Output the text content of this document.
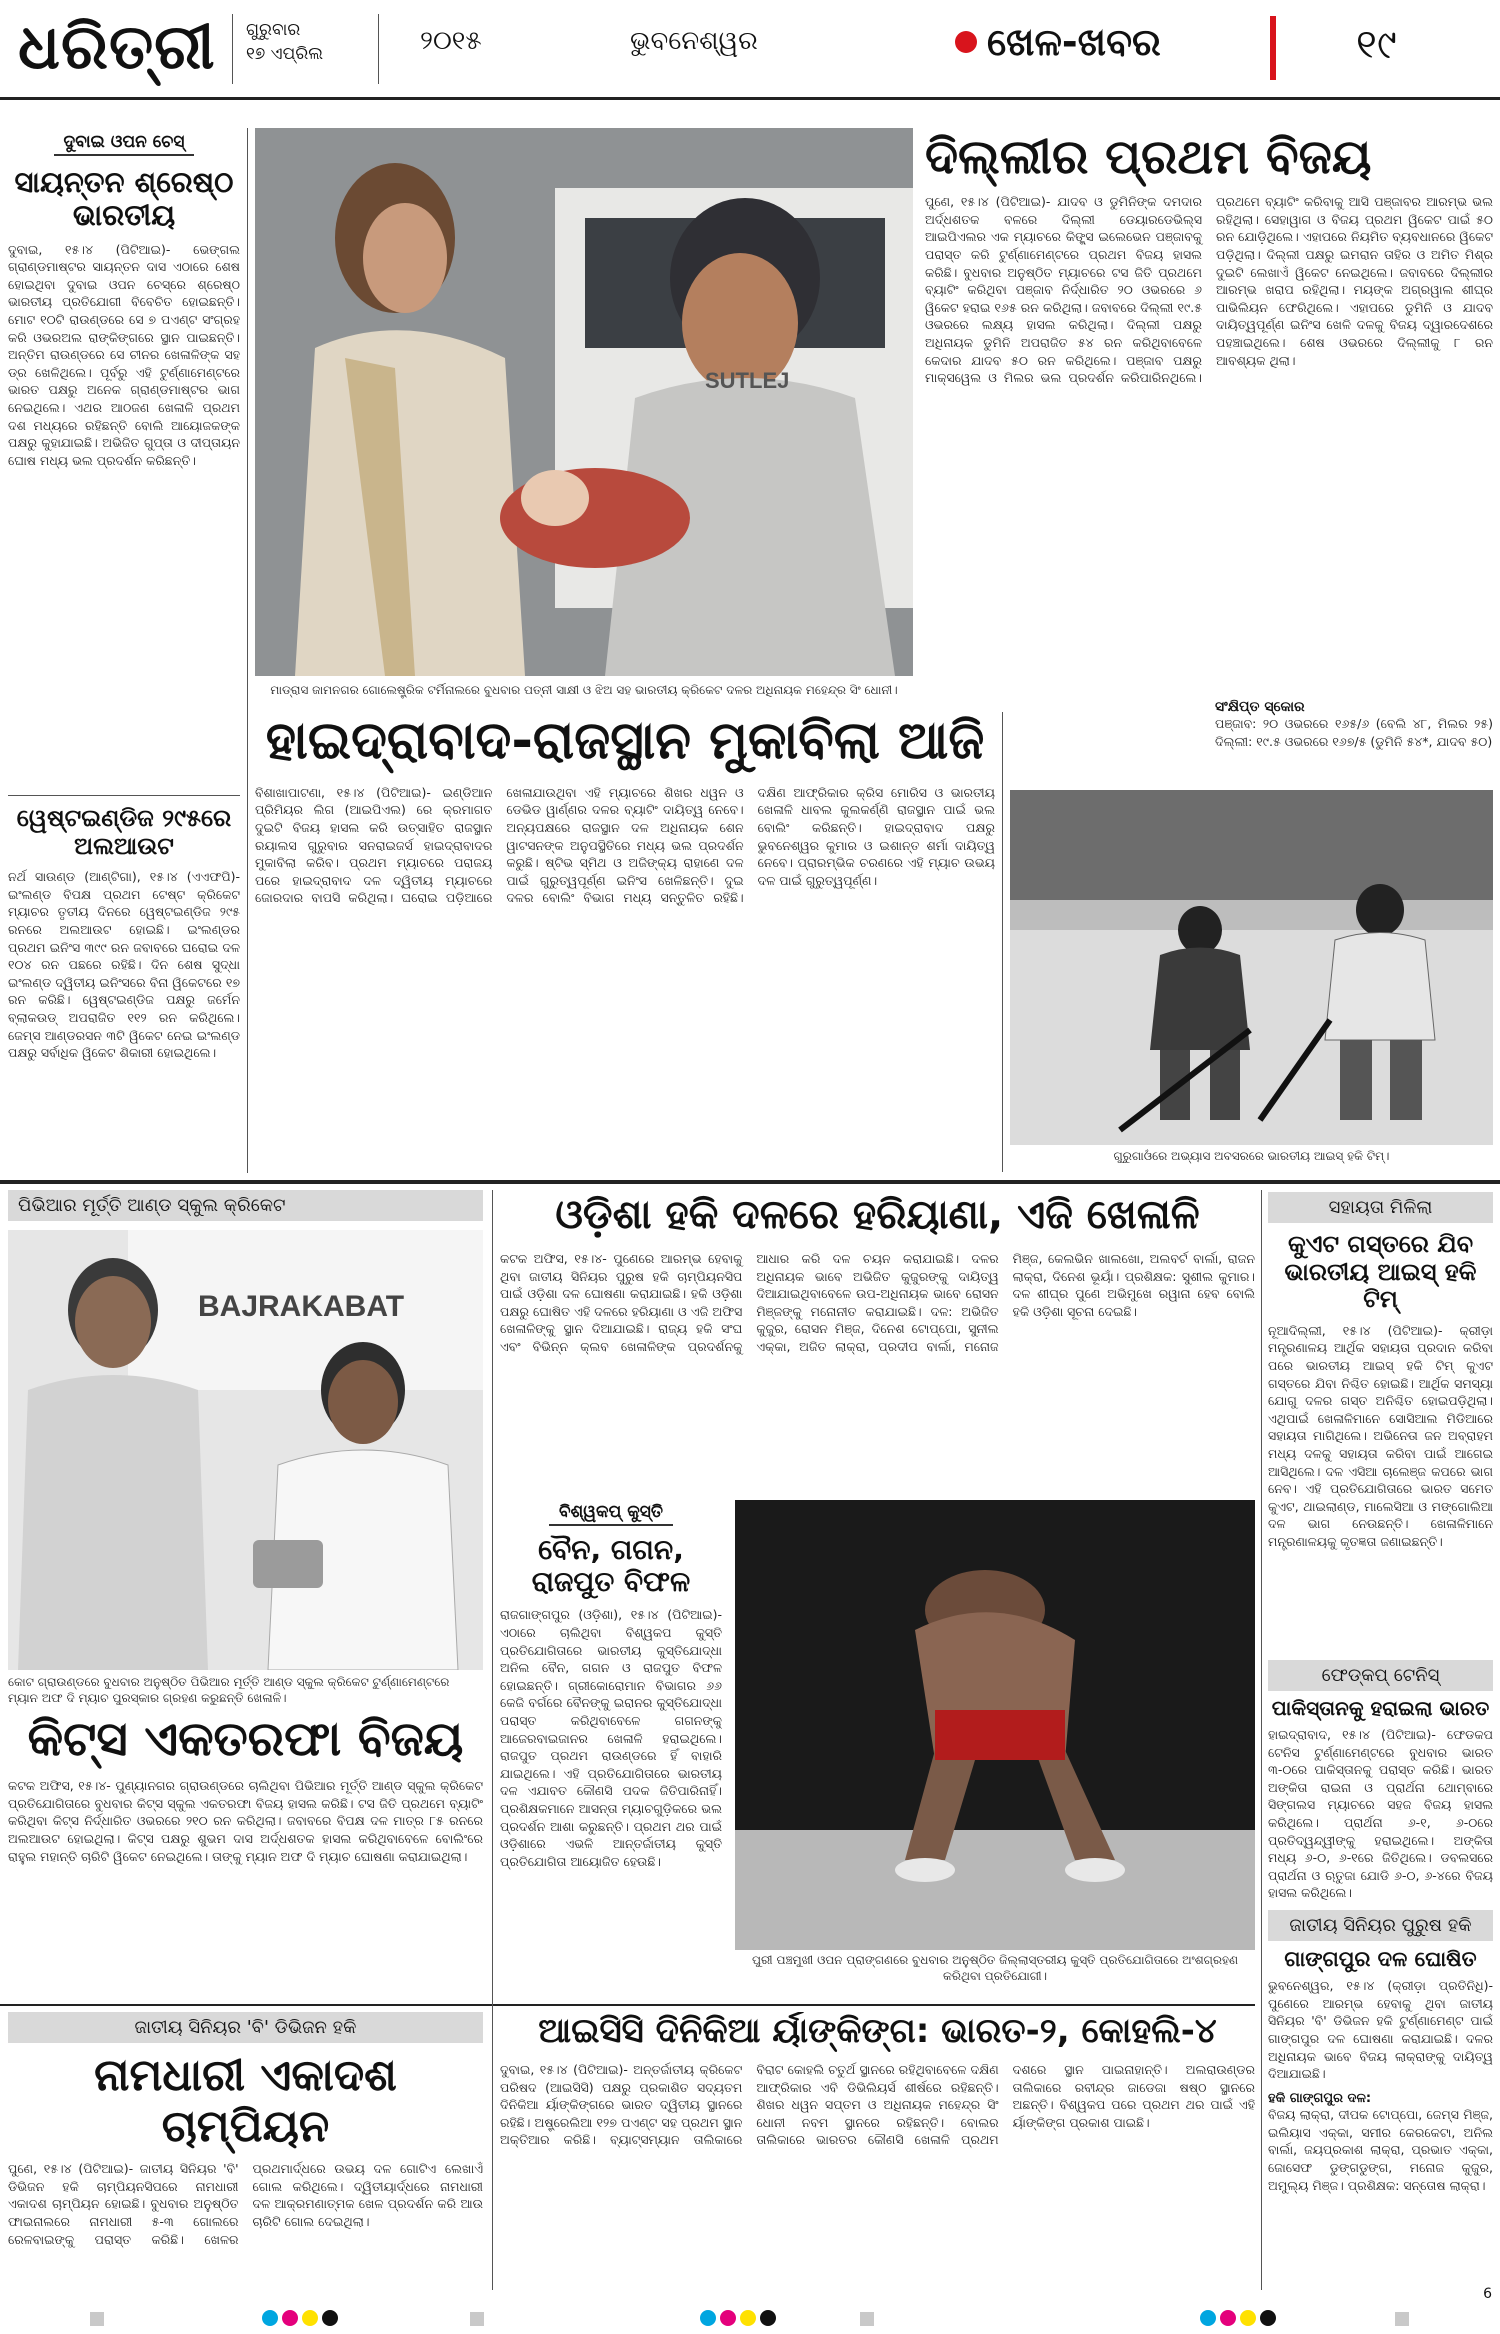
ଧରିତ୍ରୀ ଗୁରୁବାର
୧୭ ଏପ୍ରିଲ	୨୦୧୫	ଭୁବନେଶ୍ୱର	ଖେଳ-ଖବର	୧୯
ଦୁବାଇ ଓପନ ଚେସ୍
ସାୟନ୍ତନ ଶ୍ରେଷ୍ଠ ଭାରତୀୟ
ଦୁବାଇ, ୧୫।୪ (ପିଟିଆଇ)- ଭେଙ୍ଗଲ ଗ୍ରାଣ୍ଡମାଷ୍ଟର ସାୟନ୍ତନ ଦାସ ଏଠାରେ ଶେଷ ହୋଇଥିବା ଦୁବାଇ ଓପନ ଚେସ୍ରେ ଶ୍ରେଷ୍ଠ ଭାରତୀୟ ପ୍ରତିଯୋଗୀ ବିବେଚିତ ହୋଇଛନ୍ତି। ମୋଟ ୧୦ଟି ରାଉଣ୍ଡରେ ସେ ୭ ପଏଣ୍ଟ ସଂଗ୍ରହ କରି ଓଭରଅଲ ରାଙ୍କିଙ୍ଗରେ ସ୍ଥାନ ପାଇଛନ୍ତି। ଅନ୍ତିମ ରାଉଣ୍ଡରେ ସେ ଚୀନର ଖେଳାଳିଙ୍କ ସହ ଡ୍ର ଖେଳିଥିଲେ। ପୂର୍ବରୁ ଏହି ଟୁର୍ଣ୍ଣାମେଣ୍ଟରେ ଭାରତ ପକ୍ଷରୁ ଅନେକ ଗ୍ରାଣ୍ଡମାଷ୍ଟର ଭାଗ ନେଇଥିଲେ। ଏଥର ଆଠଜଣ ଖେଳାଳି ପ୍ରଥମ ଦଶ ମଧ୍ୟରେ ରହିଛନ୍ତି ବୋଲି ଆୟୋଜକଙ୍କ ପକ୍ଷରୁ କୁହାଯାଇଛି। ଅଭିଜିତ ଗୁପ୍ତା ଓ ଦୀପ୍ତାୟନ ଘୋଷ ମଧ୍ୟ ଭଲ ପ୍ରଦର୍ଶନ କରିଛନ୍ତି।
SUTLEJ
ମାଡ୍ରାସ ଜାମନଗର ଗୋଲେଷ୍ଟ୍ରିକ ଟର୍ମିନାଲରେ ବୁଧବାର ପତ୍ନୀ ସାକ୍ଷୀ ଓ ଝିଅ ସହ ଭାରତୀୟ କ୍ରିକେଟ ଦଳର ଅଧିନାୟକ ମହେନ୍ଦ୍ର ସିଂ ଧୋନୀ।
ଦିଲ୍ଲୀର ପ୍ରଥମ ବିଜୟ
ପୁଣେ, ୧୫।୪ (ପିଟିଆଇ)- ଯାଦବ ଓ ଡୁମିନିଙ୍କ ଦମଦାର ଅର୍ଦ୍ଧଶତକ ବଳରେ ଦିଲ୍ଲୀ ଡେୟାରଡେଭିଲ୍ସ ଆଇପିଏଲର ଏକ ମ୍ୟାଚରେ କିଙ୍ଗ୍ସ ଇଲେଭେନ ପଞ୍ଜାବକୁ ପରାସ୍ତ କରି ଟୁର୍ଣ୍ଣାମେଣ୍ଟରେ ପ୍ରଥମ ବିଜୟ ହାସଲ କରିଛି। ବୁଧବାର ଅନୁଷ୍ଠିତ ମ୍ୟାଚରେ ଟସ ଜିତି ପ୍ରଥମେ ବ୍ୟାଟିଂ କରିଥିବା ପଞ୍ଜାବ ନିର୍ଦ୍ଧାରିତ ୨୦ ଓଭରରେ ୬ ୱିକେଟ ହରାଇ ୧୬୫ ରନ କରିଥିଲା। ଜବାବରେ ଦିଲ୍ଲୀ ୧୯.୫ ଓଭରରେ ଲକ୍ଷ୍ୟ ହାସଲ କରିଥିଲା। ଦିଲ୍ଲୀ ପକ୍ଷରୁ ଅଧିନାୟକ ଡୁମିନି ଅପରାଜିତ ୫୪ ରନ କରିଥିବାବେଳେ କେଦାର ଯାଦବ ୫୦ ରନ କରିଥିଲେ। ପଞ୍ଜାବ ପକ୍ଷରୁ ମାକ୍ସୱେଲ ଓ ମିଲର ଭଲ ପ୍ରଦର୍ଶନ କରିପାରିନଥିଲେ। ପ୍ରଥମେ ବ୍ୟାଟିଂ କରିବାକୁ ଆସି ପଞ୍ଜାବର ଆରମ୍ଭ ଭଲ ରହିଥିଲା। ସେହାୱାଗ ଓ ବିଜୟ ପ୍ରଥମ ୱିକେଟ ପାଇଁ ୫୦ ରନ ଯୋଡ଼ିଥିଲେ। ଏହାପରେ ନିୟମିତ ବ୍ୟବଧାନରେ ୱିକେଟ ପଡ଼ିଥିଲା। ଦିଲ୍ଲୀ ପକ୍ଷରୁ ଇମରାନ ତାହିର ଓ ଅମିତ ମିଶ୍ର ଦୁଇଟି ଲେଖାଏଁ ୱିକେଟ ନେଇଥିଲେ। ଜବାବରେ ଦିଲ୍ଲୀର ଆରମ୍ଭ ଖରାପ ରହିଥିଲା। ମୟଙ୍କ ଅଗ୍ରୱାଲ ଶୀଘ୍ର ପାଭିଲିୟନ ଫେରିଥିଲେ। ଏହାପରେ ଡୁମିନି ଓ ଯାଦବ ଦାୟିତ୍ୱପୂର୍ଣ୍ଣ ଇନିଂସ ଖେଳି ଦଳକୁ ବିଜୟ ଦ୍ୱାରଦେଶରେ ପହଞ୍ଚାଇଥିଲେ। ଶେଷ ଓଭରରେ ଦିଲ୍ଲୀକୁ ୮ ରନ ଆବଶ୍ୟକ ଥିଲା।
ସଂକ୍ଷିପ୍ତ ସ୍କୋର
ପଞ୍ଜାବ: ୨୦ ଓଭରରେ ୧୬୫/୬ (ବେଲି ୪୮, ମିଲର ୨୫) ଦିଲ୍ଲୀ: ୧୯.୫ ଓଭରରେ ୧୬୭/୫ (ଡୁମିନି ୫୪*, ଯାଦବ ୫୦)
ୱେଷ୍ଟଇଣ୍ଡିଜ ୨୯୫ରେ ଅଲଆଉଟ
ନର୍ଥ ସାଉଣ୍ଡ (ଆଣ୍ଟିଗା), ୧୫।୪ (ଏଏଫପି)- ଇଂଲଣ୍ଡ ବିପକ୍ଷ ପ୍ରଥମ ଟେଷ୍ଟ କ୍ରିକେଟ ମ୍ୟାଚର ତୃତୀୟ ଦିନରେ ୱେଷ୍ଟଇଣ୍ଡିଜ ୨୯୫ ରନରେ ଅଲଆଉଟ ହୋଇଛି। ଇଂଲଣ୍ଡର ପ୍ରଥମ ଇନିଂସ ୩୯୯ ରନ ଜବାବରେ ଘରୋଇ ଦଳ ୧୦୪ ରନ ପଛରେ ରହିଛି। ଦିନ ଶେଷ ସୁଦ୍ଧା ଇଂଲଣ୍ଡ ଦ୍ୱିତୀୟ ଇନିଂସରେ ବିନା ୱିକେଟରେ ୧୭ ରନ କରିଛି। ୱେଷ୍ଟଇଣ୍ଡିଜ ପକ୍ଷରୁ ଜର୍ମେନ ବ୍ଲାକଉଡ୍ ଅପରାଜିତ ୧୧୨ ରନ କରିଥିଲେ। ଜେମ୍ସ ଆଣ୍ଡରସନ ୩ଟି ୱିକେଟ ନେଇ ଇଂଲଣ୍ଡ ପକ୍ଷରୁ ସର୍ବାଧିକ ୱିକେଟ ଶିକାରୀ ହୋଇଥିଲେ।
ହାଇଦ୍ରାବାଦ-ରାଜସ୍ଥାନ ମୁକାବିଲା ଆଜି
ବିଶାଖାପାଟଣା, ୧୫।୪ (ପିଟିଆଇ)- ଇଣ୍ଡିଆନ ପ୍ରିମିୟର ଲିଗ (ଆଇପିଏଲ) ରେ କ୍ରମାଗତ ଦୁଇଟି ବିଜୟ ହାସଲ କରି ଉତ୍ସାହିତ ରାଜସ୍ଥାନ ରୟାଲସ ଗୁରୁବାର ସନରାଇଜର୍ସ ହାଇଦ୍ରାବାଦର ମୁକାବିଲା କରିବ। ପ୍ରଥମ ମ୍ୟାଚରେ ପରାଜୟ ପରେ ହାଇଦ୍ରାବାଦ ଦଳ ଦ୍ୱିତୀୟ ମ୍ୟାଚରେ ଜୋରଦାର ବାପସି କରିଥିଲା। ଘରୋଇ ପଡ଼ିଆରେ ଖେଳାଯାଉଥିବା ଏହି ମ୍ୟାଚରେ ଶିଖର ଧୱନ ଓ ଡେଭିଡ ୱାର୍ଣ୍ଣର ଦଳର ବ୍ୟାଟିଂ ଦାୟିତ୍ୱ ନେବେ। ଅନ୍ୟପକ୍ଷରେ ରାଜସ୍ଥାନ ଦଳ ଅଧିନାୟକ ଶେନ ୱାଟସନଙ୍କ ଅନୁପସ୍ଥିତିରେ ମଧ୍ୟ ଭଲ ପ୍ରଦର୍ଶନ କରୁଛି। ଷ୍ଟିଭ ସ୍ମିଥ ଓ ଅଜିଙ୍କ୍ୟ ରାହାଣେ ଦଳ ପାଇଁ ଗୁରୁତ୍ୱପୂର୍ଣ୍ଣ ଇନିଂସ ଖେଳିଛନ୍ତି। ଦୁଇ ଦଳର ବୋଲିଂ ବିଭାଗ ମଧ୍ୟ ସନ୍ତୁଳିତ ରହିଛି। ଦକ୍ଷିଣ ଆଫ୍ରିକାର କ୍ରିସ ମୋରିସ ଓ ଭାରତୀୟ ଖେଳାଳି ଧାବଲ କୁଲକର୍ଣ୍ଣି ରାଜସ୍ଥାନ ପାଇଁ ଭଲ ବୋଲିଂ କରିଛନ୍ତି। ହାଇଦ୍ରାବାଦ ପକ୍ଷରୁ ଭୁବନେଶ୍ୱର କୁମାର ଓ ଇଶାନ୍ତ ଶର୍ମା ଦାୟିତ୍ୱ ନେବେ। ପ୍ରାରମ୍ଭିକ ଚରଣରେ ଏହି ମ୍ୟାଚ ଉଭୟ ଦଳ ପାଇଁ ଗୁରୁତ୍ୱପୂର୍ଣ୍ଣ।
ଗୁରୁଗାଓଁରେ ଅଭ୍ୟାସ ଅବସରରେ ଭାରତୀୟ ଆଇସ୍ ହକି ଟିମ୍।
ପିଭିଆର ମୂର୍ତ୍ତି ଆଣ୍ଡ ସ୍କୁଲ କ୍ରିକେଟ
BAJRAKABAT
କୋଟ ଗ୍ରାଉଣ୍ଡରେ ବୁଧବାର ଅନୁଷ୍ଠିତ ପିଭିଆର ମୂର୍ତ୍ତି ଆଣ୍ଡ ସ୍କୁଲ କ୍ରିକେଟ ଟୁର୍ଣ୍ଣାମେଣ୍ଟରେ ମ୍ୟାନ ଅଫ ଦି ମ୍ୟାଚ ପୁରସ୍କାର ଗ୍ରହଣ କରୁଛନ୍ତି ଖେଳାଳି।
କିଟ୍ସ ଏକତରଫା ବିଜୟ
କଟକ ଅଫିସ, ୧୫।୪- ପୁଣ୍ୟାନଗର ଗ୍ରାଉଣ୍ଡରେ ଚାଲିଥିବା ପିଭିଆର ମୂର୍ତ୍ତି ଆଣ୍ଡ ସ୍କୁଲ କ୍ରିକେଟ ପ୍ରତିଯୋଗିତାରେ ବୁଧବାର କିଟ୍ସ ସ୍କୁଲ ଏକତରଫା ବିଜୟ ହାସଲ କରିଛି। ଟସ ଜିତି ପ୍ରଥମେ ବ୍ୟାଟିଂ କରିଥିବା କିଟ୍ସ ନିର୍ଦ୍ଧାରିତ ଓଭରରେ ୨୧୦ ରନ କରିଥିଲା। ଜବାବରେ ବିପକ୍ଷ ଦଳ ମାତ୍ର ୮୫ ରନରେ ଅଲଆଉଟ ହୋଇଥିଲା। କିଟ୍ସ ପକ୍ଷରୁ ଶୁଭମ ଦାସ ଅର୍ଦ୍ଧଶତକ ହାସଲ କରିଥିବାବେଳେ ବୋଲିଂରେ ରାହୁଲ ମହାନ୍ତି ଚାରିଟି ୱିକେଟ ନେଇଥିଲେ। ତାଙ୍କୁ ମ୍ୟାନ ଅଫ ଦି ମ୍ୟାଚ ଘୋଷଣା କରାଯାଇଥିଲା।
ଓଡ଼ିଶା ହକି ଦଳରେ ହରିୟାଣା, ଏଜି ଖେଳାଳି
କଟକ ଅଫିସ, ୧୫।୪- ପୁଣେରେ ଆରମ୍ଭ ହେବାକୁ ଥିବା ଜାତୀୟ ସିନିୟର ପୁରୁଷ ହକି ଚାମ୍ପିୟନସିପ ପାଇଁ ଓଡ଼ିଶା ଦଳ ଘୋଷଣା କରାଯାଇଛି। ହକି ଓଡ଼ିଶା ପକ୍ଷରୁ ଘୋଷିତ ଏହି ଦଳରେ ହରିୟାଣା ଓ ଏଜି ଅଫିସ ଖେଳାଳିଙ୍କୁ ସ୍ଥାନ ଦିଆଯାଇଛି। ରାଜ୍ୟ ହକି ସଂଘ ଏବଂ ବିଭିନ୍ନ କ୍ଲବ ଖେଳାଳିଙ୍କ ପ୍ରଦର୍ଶନକୁ ଆଧାର କରି ଦଳ ଚୟନ କରାଯାଇଛି। ଦଳର ଅଧିନାୟକ ଭାବେ ଅଭିଜିତ କୁଜୁରଙ୍କୁ ଦାୟିତ୍ୱ ଦିଆଯାଇଥିବାବେଳେ ଉପ-ଅଧିନାୟକ ଭାବେ ରୋସନ ମିଞ୍ଜଙ୍କୁ ମନୋନୀତ କରାଯାଇଛି। ଦଳ: ଅଭିଜିତ କୁଜୁର, ରୋସନ ମିଞ୍ଜ, ଦିନେଶ ଟୋପ୍ପୋ, ସୁନୀଲ ଏକ୍କା, ଅଜିତ ଲାକ୍ରା, ପ୍ରଦୀପ ବାର୍ଲା, ମନୋଜ ମିଞ୍ଜ, କେଲଭିନ ଖାଲଖୋ, ଅଲବର୍ଟ ବାର୍ଲା, ରାଜନ ଲାକ୍ରା, ଦିନେଶ ଭୂୟାଁ। ପ୍ରଶିକ୍ଷକ: ସୁଶୀଲ କୁମାର। ଦଳ ଶୀଘ୍ର ପୁଣେ ଅଭିମୁଖେ ରୱାନା ହେବ ବୋଲି ହକି ଓଡ଼ିଶା ସୂଚନା ଦେଇଛି।
ସହାୟତା ମିଳିଲା
କୁଏଟ ଗସ୍ତରେ ଯିବ ଭାରତୀୟ ଆଇସ୍ ହକି ଟିମ୍
ନୂଆଦିଲ୍ଲୀ, ୧୫।୪ (ପିଟିଆଇ)- କ୍ରୀଡ଼ା ମନ୍ତ୍ରଣାଳୟ ଆର୍ଥିକ ସହାୟତା ପ୍ରଦାନ କରିବା ପରେ ଭାରତୀୟ ଆଇସ୍ ହକି ଟିମ୍ କୁଏଟ ଗସ୍ତରେ ଯିବା ନିଶ୍ଚିତ ହୋଇଛି। ଆର୍ଥିକ ସମସ୍ୟା ଯୋଗୁ ଦଳର ଗସ୍ତ ଅନିଶ୍ଚିତ ହୋଇପଡ଼ିଥିଲା। ଏଥିପାଇଁ ଖେଳାଳିମାନେ ସୋସିଆଲ ମିଡିଆରେ ସହାୟତା ମାଗିଥିଲେ। ଅଭିନେତା ଜନ ଅବ୍ରାହମ ମଧ୍ୟ ଦଳକୁ ସହାୟତା କରିବା ପାଇଁ ଆଗେଇ ଆସିଥିଲେ। ଦଳ ଏସିଆ ଚାଲେଞ୍ଜ କପରେ ଭାଗ ନେବ। ଏହି ପ୍ରତିଯୋଗିତାରେ ଭାରତ ସମେତ କୁଏଟ, ଥାଇଲାଣ୍ଡ, ମାଲେସିଆ ଓ ମଙ୍ଗୋଲିଆ ଦଳ ଭାଗ ନେଉଛନ୍ତି। ଖେଳାଳିମାନେ ମନ୍ତ୍ରଣାଳୟକୁ କୃତଜ୍ଞତା ଜଣାଇଛନ୍ତି।
ବିଶ୍ୱକପ୍ କୁସ୍ତି
ବୈନ, ଗଗନ, ରାଜପୁତ ବିଫଳ
ରାଜଗାଙ୍ଗପୁର (ଓଡ଼ିଶା), ୧୫।୪ (ପିଟିଆଇ)- ଏଠାରେ ଚାଲିଥିବା ବିଶ୍ୱକପ କୁସ୍ତି ପ୍ରତିଯୋଗିତାରେ ଭାରତୀୟ କୁସ୍ତିଯୋଦ୍ଧା ଅନିଲ ବୈନ, ଗଗନ ଓ ରାଜପୁତ ବିଫଳ ହୋଇଛନ୍ତି। ଗ୍ରୀକୋରୋମାନ ବିଭାଗର ୬୬ କେଜି ବର୍ଗରେ ବୈନଙ୍କୁ ଇରାନର କୁସ୍ତିଯୋଦ୍ଧା ପରାସ୍ତ କରିଥିବାବେଳେ ଗଗନଙ୍କୁ ଆଜେରବାଇଜାନର ଖେଳାଳି ହରାଇଥିଲେ। ରାଜପୁତ ପ୍ରଥମ ରାଉଣ୍ଡରେ ହିଁ ବାହାରି ଯାଇଥିଲେ। ଏହି ପ୍ରତିଯୋଗିତାରେ ଭାରତୀୟ ଦଳ ଏଯାବତ କୌଣସି ପଦକ ଜିତିପାରିନାହିଁ। ପ୍ରଶିକ୍ଷକମାନେ ଆସନ୍ତା ମ୍ୟାଚଗୁଡ଼ିକରେ ଭଲ ପ୍ରଦର୍ଶନ ଆଶା କରୁଛନ୍ତି। ପ୍ରଥମ ଥର ପାଇଁ ଓଡ଼ିଶାରେ ଏଭଳି ଆନ୍ତର୍ଜାତୀୟ କୁସ୍ତି ପ୍ରତିଯୋଗିତା ଆୟୋଜିତ ହେଉଛି।
ପୁରୀ ପଞ୍ଚମୁଖୀ ଓପନ ପ୍ରାଙ୍ଗଣରେ ବୁଧବାର ଅନୁଷ୍ଠିତ ଜିଲ୍ଲାସ୍ତରୀୟ କୁସ୍ତି ପ୍ରତିଯୋଗିତାରେ ଅଂଶଗ୍ରହଣ କରିଥିବା ପ୍ରତିଯୋଗୀ।
ଫେଡ୍କପ୍ ଟେନିସ୍
ପାକିସ୍ତାନକୁ ହରାଇଲା ଭାରତ
ହାଇଦ୍ରାବାଦ, ୧୫।୪ (ପିଟିଆଇ)- ଫେଡକପ ଟେନିସ ଟୁର୍ଣ୍ଣାମେଣ୍ଟରେ ବୁଧବାର ଭାରତ ୩-୦ରେ ପାକିସ୍ତାନକୁ ପରାସ୍ତ କରିଛି। ଭାରତ ଅଙ୍କିତା ରାଇନା ଓ ପ୍ରାର୍ଥନା ଥୋମ୍ବାରେ ସିଙ୍ଗଲସ ମ୍ୟାଚରେ ସହଜ ବିଜୟ ହାସଲ କରିଥିଲେ। ପ୍ରାର୍ଥନା ୬-୧, ୬-୦ରେ ପ୍ରତିଦ୍ୱନ୍ଦ୍ୱୀଙ୍କୁ ହରାଇଥିଲେ। ଅଙ୍କିତା ମଧ୍ୟ ୬-୦, ୬-୧ରେ ଜିତିଥିଲେ। ଡବଲସରେ ପ୍ରାର୍ଥନା ଓ ଋତୁଜା ଯୋଡି ୬-୦, ୬-୪ରେ ବିଜୟ ହାସଲ କରିଥିଲେ।
ଜାତୀୟ ସିନିୟର ପୁରୁଷ ହକି
ଗାଙ୍ଗପୁର ଦଳ ଘୋଷିତ
ଭୁବନେଶ୍ୱର, ୧୫।୪ (କ୍ରୀଡ଼ା ପ୍ରତିନିଧି)- ପୁଣେରେ ଆରମ୍ଭ ହେବାକୁ ଥିବା ଜାତୀୟ ସିନିୟର 'ବି' ଡିଭିଜନ ହକି ଟୁର୍ଣ୍ଣାମେଣ୍ଟ ପାଇଁ ଗାଙ୍ଗପୁର ଦଳ ଘୋଷଣା କରାଯାଇଛି। ଦଳର ଅଧିନାୟକ ଭାବେ ବିଜୟ ଲାକ୍ରାଙ୍କୁ ଦାୟିତ୍ୱ ଦିଆଯାଇଛି।
ହକି ଗାଙ୍ଗପୁର ଦଳ:
ବିଜୟ ଲାକ୍ରା, ଦୀପକ ଟୋପ୍ପୋ, ଜେମ୍ସ ମିଞ୍ଜ, ଇଲିୟାସ ଏକ୍କା, ସମୀର କେରକେଟା, ଅନିଲ ବାର୍ଲା, ଜୟପ୍ରକାଶ ଲାକ୍ରା, ପ୍ରଭାତ ଏକ୍କା, ଜୋସେଫ ଡୁଙ୍ଗଡୁଙ୍ଗ, ମନୋଜ କୁଜୁର, ଅମୁଲ୍ୟ ମିଞ୍ଜ। ପ୍ରଶିକ୍ଷକ: ସନ୍ତୋଷ ଲାକ୍ରା।
ଜାତୀୟ ସିନିୟର 'ବି' ଡିଭିଜନ ହକି
ନାମଧାରୀ ଏକାଦଶ ଚାମ୍ପିୟନ
ପୁଣେ, ୧୫।୪ (ପିଟିଆଇ)- ଜାତୀୟ ସିନିୟର 'ବି' ଡିଭିଜନ ହକି ଚାମ୍ପିୟନସିପରେ ନାମଧାରୀ ଏକାଦଶ ଚାମ୍ପିୟନ ହୋଇଛି। ବୁଧବାର ଅନୁଷ୍ଠିତ ଫାଇନାଲରେ ନାମଧାରୀ ୫-୩ ଗୋଲରେ ରେଳବାଇଙ୍କୁ ପରାସ୍ତ କରିଛି। ଖେଳର ପ୍ରଥମାର୍ଦ୍ଧରେ ଉଭୟ ଦଳ ଗୋଟିଏ ଲେଖାଏଁ ଗୋଲ କରିଥିଲେ। ଦ୍ୱିତୀୟାର୍ଦ୍ଧରେ ନାମଧାରୀ ଦଳ ଆକ୍ରମଣାତ୍ମକ ଖେଳ ପ୍ରଦର୍ଶନ କରି ଆଉ ଚାରିଟି ଗୋଲ ଦେଇଥିଲା।
ଆଇସିସି ଦିନିକିଆ ର୍ୟାଙ୍କିଙ୍ଗ: ଭାରତ-୨, କୋହଲି-୪
ଦୁବାଇ, ୧୫।୪ (ପିଟିଆଇ)- ଅନ୍ତର୍ଜାତୀୟ କ୍ରିକେଟ ପରିଷଦ (ଆଇସିସି) ପକ୍ଷରୁ ପ୍ରକାଶିତ ସଦ୍ୟତମ ଦିନିକିଆ ର୍ୟାଙ୍କିଙ୍ଗରେ ଭାରତ ଦ୍ୱିତୀୟ ସ୍ଥାନରେ ରହିଛି। ଅଷ୍ଟ୍ରେଲିଆ ୧୨୭ ପଏଣ୍ଟ ସହ ପ୍ରଥମ ସ୍ଥାନ ଅକ୍ତିଆର କରିଛି। ବ୍ୟାଟ୍ସମ୍ୟାନ ତାଲିକାରେ ବିରାଟ କୋହଲି ଚତୁର୍ଥ ସ୍ଥାନରେ ରହିଥିବାବେଳେ ଦକ୍ଷିଣ ଆଫ୍ରିକାର ଏବି ଡିଭିଲିୟର୍ସ ଶୀର୍ଷରେ ରହିଛନ୍ତି। ଶିଖର ଧୱନ ସପ୍ତମ ଓ ଅଧିନାୟକ ମହେନ୍ଦ୍ର ସିଂ ଧୋନୀ ନବମ ସ୍ଥାନରେ ରହିଛନ୍ତି। ବୋଲର ତାଲିକାରେ ଭାରତର କୌଣସି ଖେଳାଳି ପ୍ରଥମ ଦଶରେ ସ୍ଥାନ ପାଇନାହାନ୍ତି। ଅଲରାଉଣ୍ଡର ତାଲିକାରେ ରବୀନ୍ଦ୍ର ଜାଡେଜା ଷଷ୍ଠ ସ୍ଥାନରେ ଅଛନ୍ତି। ବିଶ୍ୱକପ ପରେ ପ୍ରଥମ ଥର ପାଇଁ ଏହି ର୍ୟାଙ୍କିଙ୍ଗ ପ୍ରକାଶ ପାଇଛି।
6
